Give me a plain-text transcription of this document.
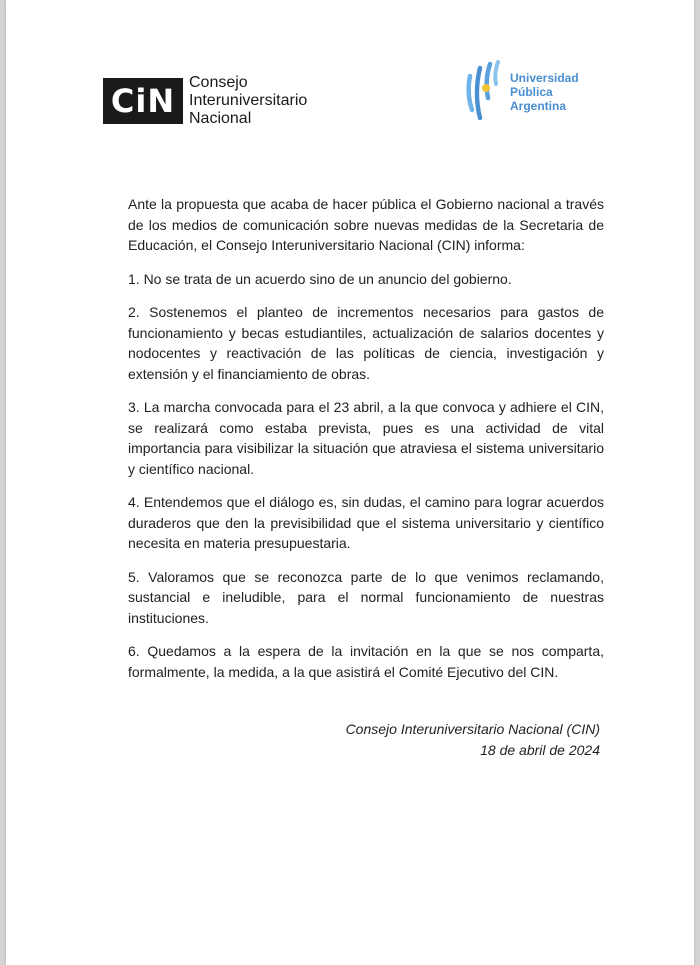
CiN Consejo
Interuniversitario
Nacional
Universidad
Pública
Argentina

Ante la propuesta que acaba de hacer pública el Gobierno nacional a través de los medios de comunicación sobre nuevas medidas de la Secretaria de Educación, el Consejo Interuniversitario Nacional (CIN) informa:

1. No se trata de un acuerdo sino de un anuncio del gobierno.

2. Sostenemos el planteo de incrementos necesarios para gastos de funcionamiento y becas estudiantiles, actualización de salarios docentes y nodocentes y reactivación de las políticas de ciencia, investigación y extensión y el financiamiento de obras.

3. La marcha convocada para el 23 abril, a la que convoca y adhiere el CIN, se realizará como estaba prevista, pues es una actividad de vital importancia para visibilizar la situación que atraviesa el sistema universitario y científico nacional.

4. Entendemos que el diálogo es, sin dudas, el camino para lograr acuerdos duraderos que den la previsibilidad que el sistema universitario y científico necesita en materia presupuestaria.

5. Valoramos que se reconozca parte de lo que venimos reclamando, sustancial e ineludible, para el normal funcionamiento de nuestras instituciones.

6. Quedamos a la espera de la invitación en la que se nos comparta, formalmente, la medida, a la que asistirá el Comité Ejecutivo del CIN.

Consejo Interuniversitario Nacional (CIN)
18 de abril de 2024
